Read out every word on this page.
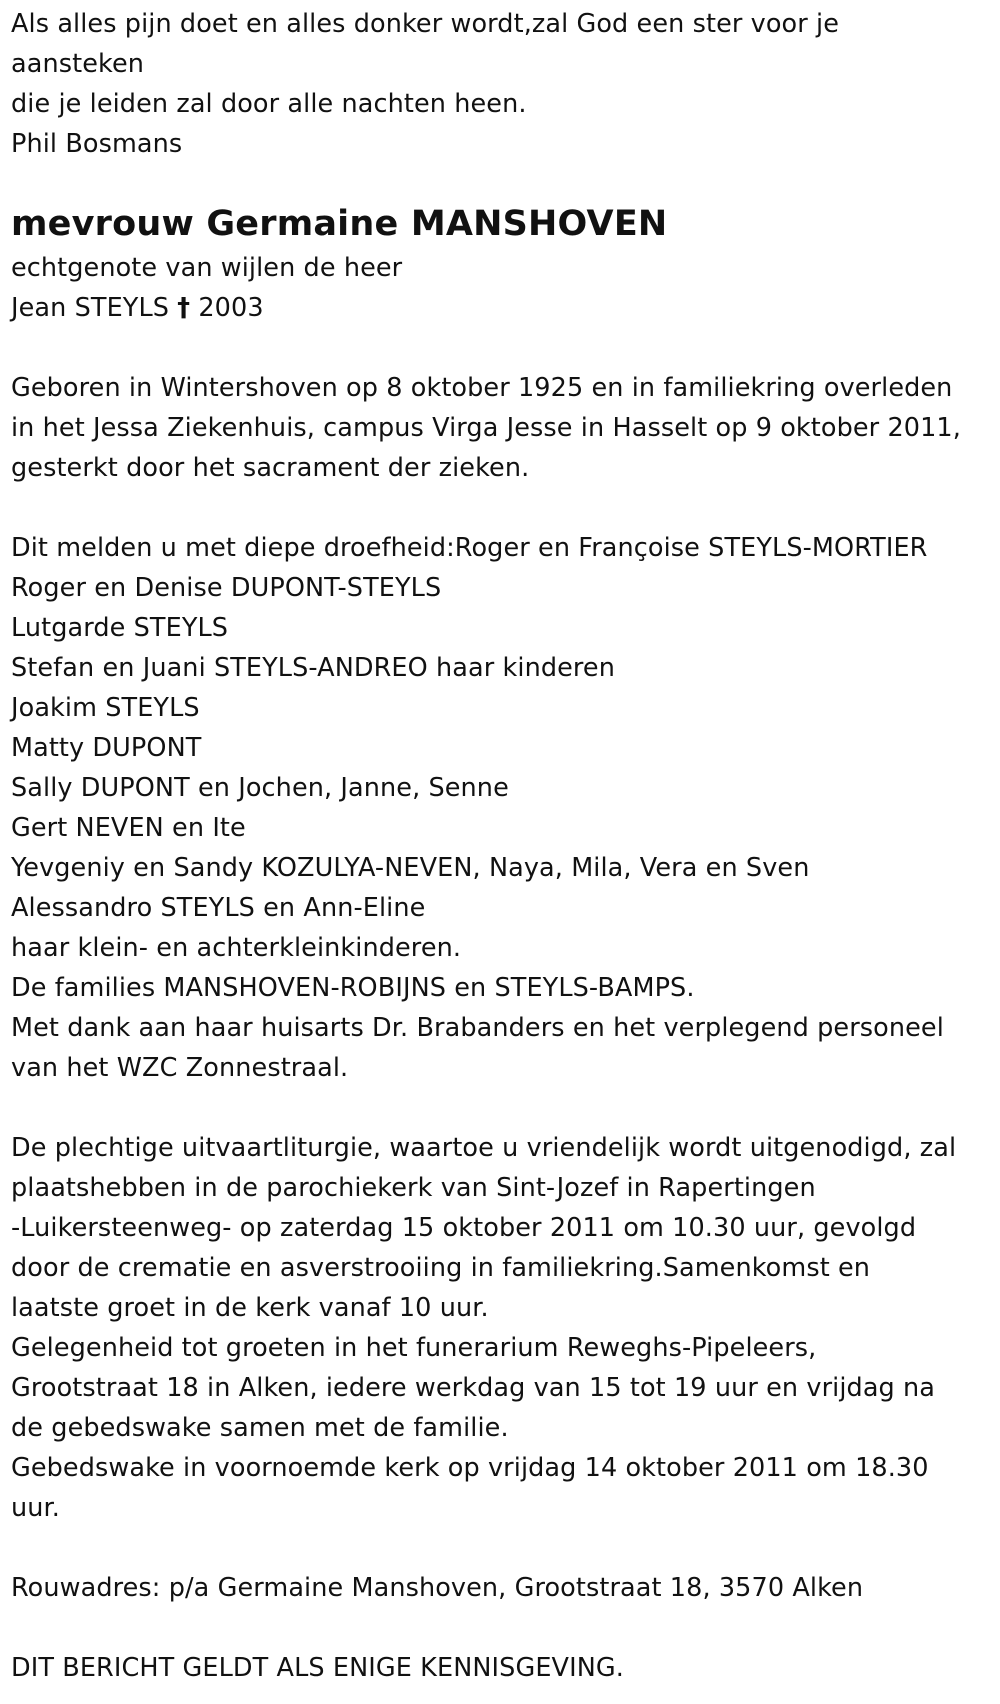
Als alles pijn doet en alles donker wordt,zal God een ster voor je
aansteken
die je leiden zal door alle nachten heen.
Phil Bosmans
mevrouw Germaine MANSHOVEN
echtgenote van wijlen de heer
Jean STEYLS † 2003
Geboren in Wintershoven op 8 oktober 1925 en in familiekring overleden
in het Jessa Ziekenhuis, campus Virga Jesse in Hasselt op 9 oktober 2011,
gesterkt door het sacrament der zieken.
Dit melden u met diepe droefheid:Roger en Françoise STEYLS-MORTIER
Roger en Denise DUPONT-STEYLS
Lutgarde STEYLS
Stefan en Juani STEYLS-ANDREO haar kinderen
Joakim STEYLS
Matty DUPONT
Sally DUPONT en Jochen, Janne, Senne
Gert NEVEN en Ite
Yevgeniy en Sandy KOZULYA-NEVEN, Naya, Mila, Vera en Sven
Alessandro STEYLS en Ann-Eline
haar klein- en achterkleinkinderen.
De families MANSHOVEN-ROBIJNS en STEYLS-BAMPS.
Met dank aan haar huisarts Dr. Brabanders en het verplegend personeel
van het WZC Zonnestraal.
De plechtige uitvaartliturgie, waartoe u vriendelijk wordt uitgenodigd, zal
plaatshebben in de parochiekerk van Sint-Jozef in Rapertingen
-Luikersteenweg- op zaterdag 15 oktober 2011 om 10.30 uur, gevolgd
door de crematie en asverstrooiing in familiekring.Samenkomst en
laatste groet in de kerk vanaf 10 uur.
Gelegenheid tot groeten in het funerarium Reweghs-Pipeleers,
Grootstraat 18 in Alken, iedere werkdag van 15 tot 19 uur en vrijdag na
de gebedswake samen met de familie.
Gebedswake in voornoemde kerk op vrijdag 14 oktober 2011 om 18.30
uur.
Rouwadres: p/a Germaine Manshoven, Grootstraat 18, 3570 Alken
DIT BERICHT GELDT ALS ENIGE KENNISGEVING.
